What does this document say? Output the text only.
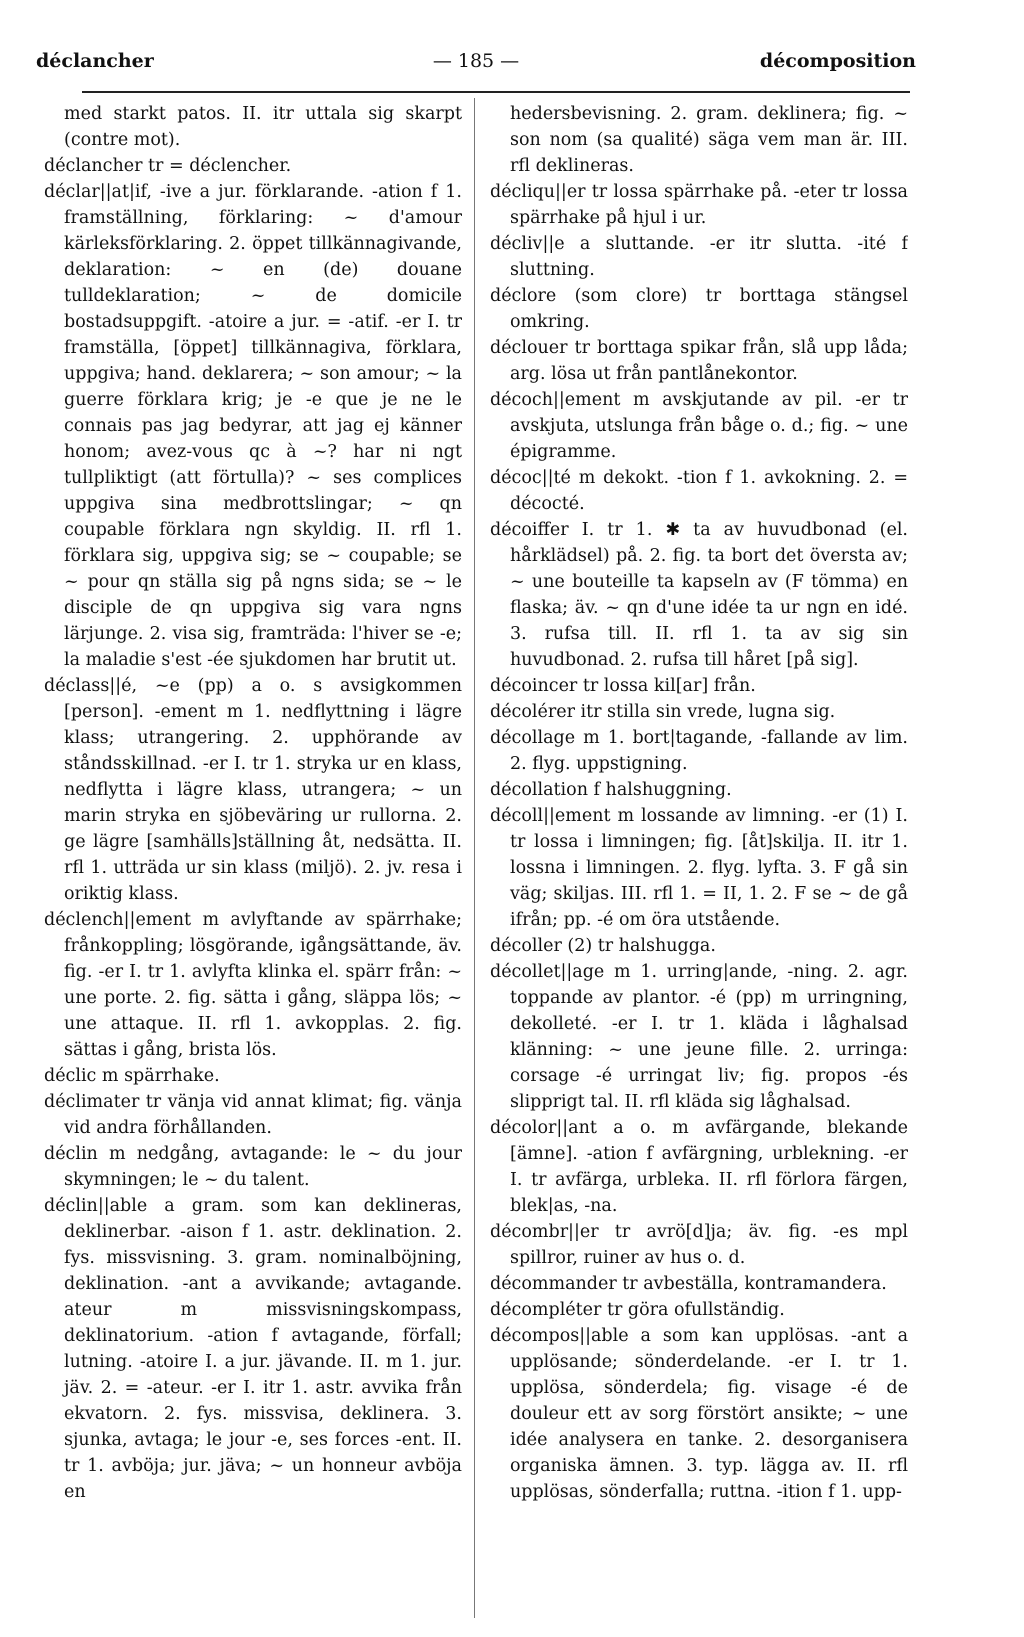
déclancher	— 185 —	décomposition

med starkt patos. II. itr uttala sig skarpt (contre mot).

déclancher tr = déclencher.

déclar||at|if, -ive a jur. förklarande. -ation f 1. framställning, förklaring: ~ d'amour kärleksförklaring. 2. öppet tillkännagivande, deklaration: ~ en (de) douane tulldeklaration; ~ de domicile bostadsuppgift. -atoire a jur. = -atif. -er I. tr framställa, [öppet] tillkännagiva, förklara, uppgiva; hand. deklarera; ~ son amour; ~ la guerre förklara krig; je -e que je ne le connais pas jag bedyrar, att jag ej känner honom; avez-vous qc à ~? har ni ngt tullpliktigt (att förtulla)? ~ ses complices uppgiva sina medbrottslingar; ~ qn coupable förklara ngn skyldig. II. rfl 1. förklara sig, uppgiva sig; se ~ coupable; se ~ pour qn ställa sig på ngns sida; se ~ le disciple de qn uppgiva sig vara ngns lärjunge. 2. visa sig, framträda: l'hiver se -e; la maladie s'est -ée sjukdomen har brutit ut.

déclass||é, ~e (pp) a o. s avsigkommen [person]. -ement m 1. nedflyttning i lägre klass; utrangering. 2. upphörande av ståndsskillnad. -er I. tr 1. stryka ur en klass, nedflytta i lägre klass, utrangera; ~ un marin stryka en sjöbeväring ur rullorna. 2. ge lägre [samhälls]ställning åt, nedsätta. II. rfl 1. utträda ur sin klass (miljö). 2. jv. resa i oriktig klass.

déclench||ement m avlyftande av spärrhake; frånkoppling; lösgörande, igångsättande, äv. fig. -er I. tr 1. avlyfta klinka el. spärr från: ~ une porte. 2. fig. sätta i gång, släppa lös; ~ une attaque. II. rfl 1. avkopplas. 2. fig. sättas i gång, brista lös.

déclic m spärrhake.

déclimater tr vänja vid annat klimat; fig. vänja vid andra förhållanden.

déclin m nedgång, avtagande: le ~ du jour skymningen; le ~ du talent.

déclin||able a gram. som kan deklineras, deklinerbar. -aison f 1. astr. deklination. 2. fys. missvisning. 3. gram. nominalböjning, deklination. -ant a avvikande; avtagande. ateur m missvisningskompass, deklinatorium. -ation f avtagande, förfall; lutning. -atoire I. a jur. jävande. II. m 1. jur. jäv. 2. = -ateur. -er I. itr 1. astr. avvika från ekvatorn. 2. fys. missvisa, deklinera. 3. sjunka, avtaga; le jour -e, ses forces -ent. II. tr 1. avböja; jur. jäva; ~ un honneur avböja en

hedersbevisning. 2. gram. deklinera; fig. ~ son nom (sa qualité) säga vem man är. III. rfl deklineras.

décliqu||er tr lossa spärrhake på. -eter tr lossa spärrhake på hjul i ur.

décliv||e a sluttande. -er itr slutta. -ité f sluttning.

déclore (som clore) tr borttaga stängsel omkring.

déclouer tr borttaga spikar från, slå upp låda; arg. lösa ut från pantlånekontor.

décoch||ement m avskjutande av pil. -er tr avskjuta, utslunga från båge o. d.; fig. ~ une épigramme.

décoc||té m dekokt. -tion f 1. avkokning. 2. = décocté.

décoiffer I. tr 1. ✱ ta av huvudbonad (el. hårklädsel) på. 2. fig. ta bort det översta av; ~ une bouteille ta kapseln av (F tömma) en flaska; äv. ~ qn d'une idée ta ur ngn en idé. 3. rufsa till. II. rfl 1. ta av sig sin huvudbonad. 2. rufsa till håret [på sig].

décoincer tr lossa kil[ar] från.

décolérer itr stilla sin vrede, lugna sig.

décollage m 1. bort|tagande, -fallande av lim. 2. flyg. uppstigning.

décollation f halshuggning.

décoll||ement m lossande av limning. -er (1) I. tr lossa i limningen; fig. [åt]skilja. II. itr 1. lossna i limningen. 2. flyg. lyfta. 3. F gå sin väg; skiljas. III. rfl 1. = II, 1. 2. F se ~ de gå ifrån; pp. -é om öra utstående.

décoller (2) tr halshugga.

décollet||age m 1. urring|ande, -ning. 2. agr. toppande av plantor. -é (pp) m urringning, dekolleté. -er I. tr 1. kläda i låghalsad klänning: ~ une jeune fille. 2. urringa: corsage -é urringat liv; fig. propos -és slipprigt tal. II. rfl kläda sig låghalsad.

décolor||ant a o. m avfärgande, blekande [ämne]. -ation f avfärgning, urblekning. -er I. tr avfärga, urbleka. II. rfl förlora färgen, blek|as, -na.

décombr||er tr avrö[d]ja; äv. fig. -es mpl spillror, ruiner av hus o. d.

décommander tr avbeställa, kontramandera.

décompléter tr göra ofullständig.

décompos||able a som kan upplösas. -ant a upplösande; sönderdelande. -er I. tr 1. upplösa, sönderdela; fig. visage -é de douleur ett av sorg förstört ansikte; ~ une idée analysera en tanke. 2. desorganisera organiska ämnen. 3. typ. lägga av. II. rfl upplösas, sönderfalla; ruttna. -ition f 1. upp-
